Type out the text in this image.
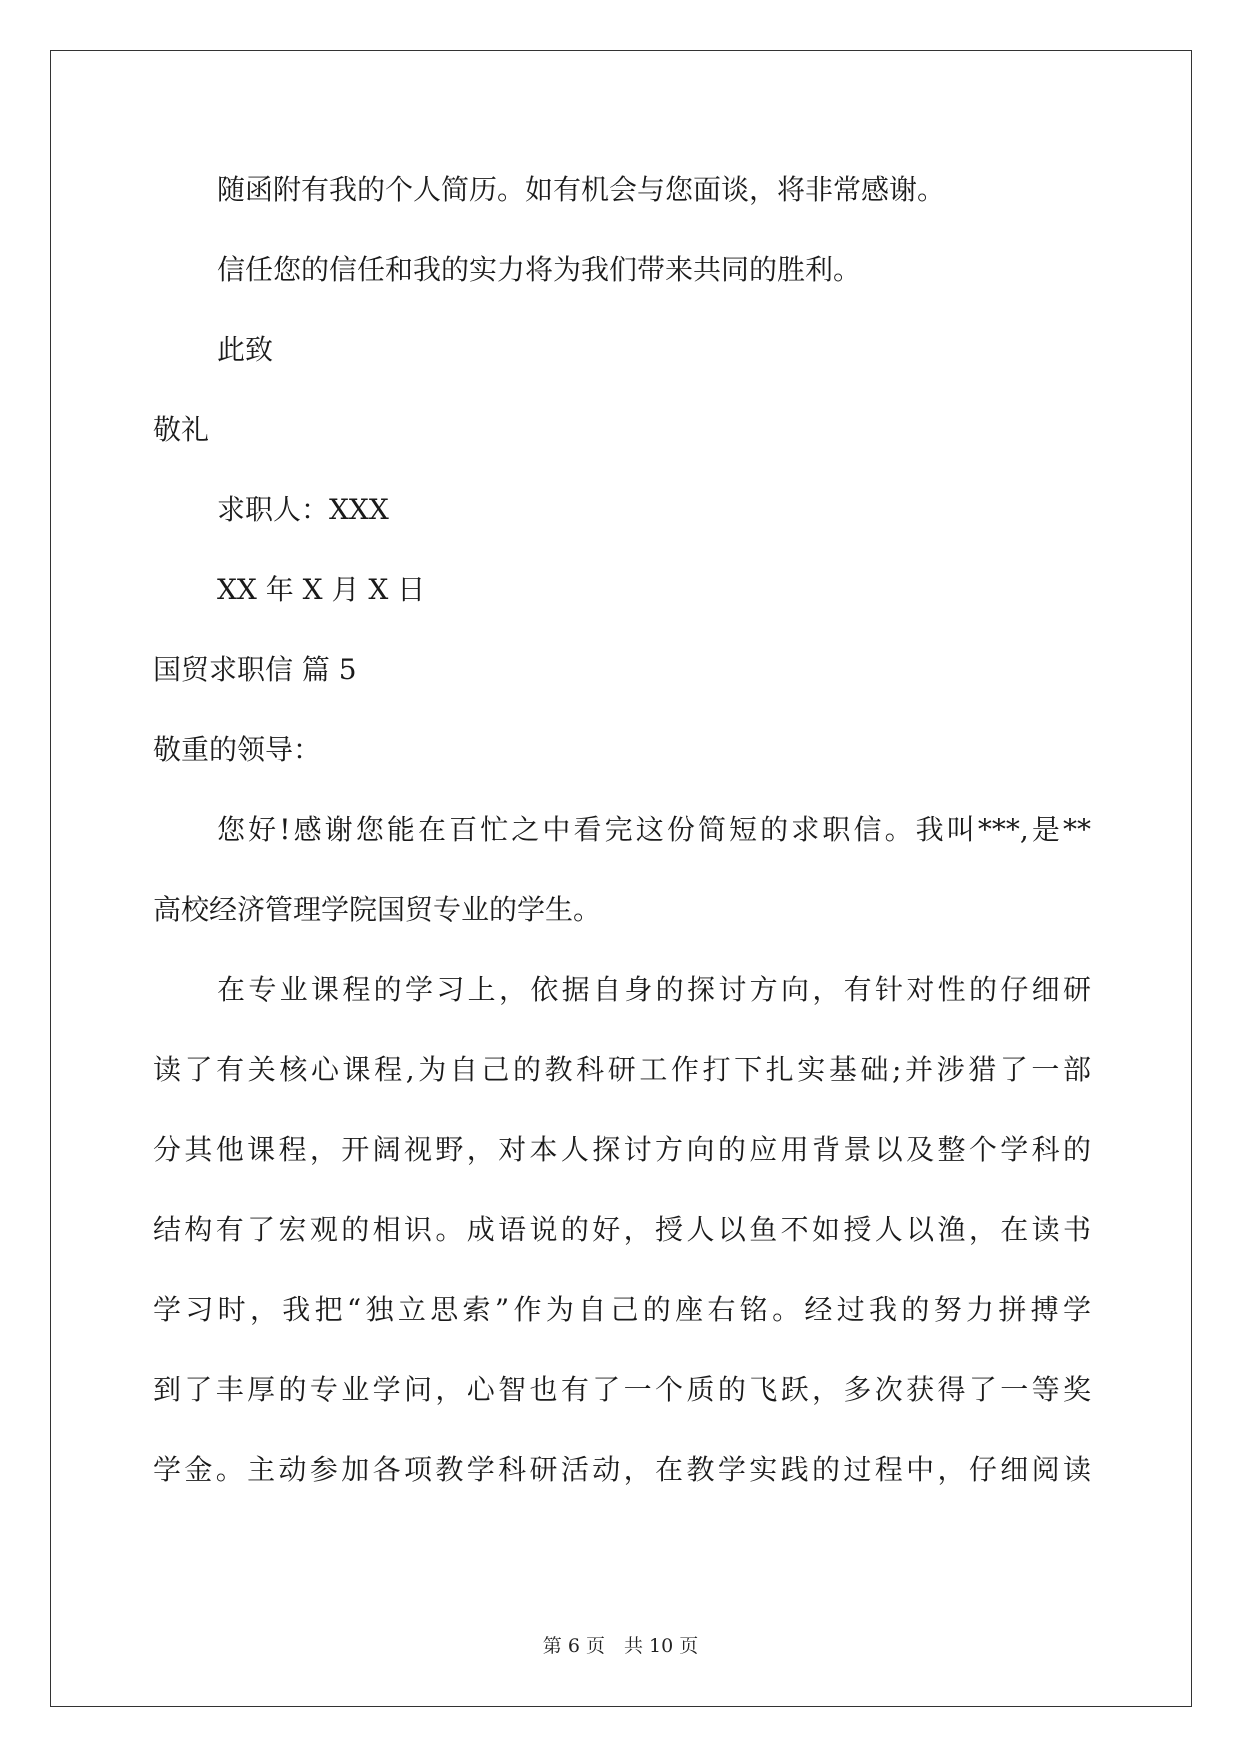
随函附有我的个人简历。如有机会与您面谈，将非常感谢。

信任您的信任和我的实力将为我们带来共同的胜利。

此致

敬礼

求职人：XXX

XX 年 X 月 X 日

国贸求职信 篇 5

敬重的领导：

您好!感谢您能在百忙之中看完这份简短的求职信。我叫***,是**

高校经济管理学院国贸专业的学生。

在专业课程的学习上，依据自身的探讨方向，有针对性的仔细研

读了有关核心课程,为自己的教科研工作打下扎实基础;并涉猎了一部

分其他课程，开阔视野，对本人探讨方向的应用背景以及整个学科的

结构有了宏观的相识。成语说的好，授人以鱼不如授人以渔，在读书

学习时，我把“独立思索”作为自己的座右铭。经过我的努力拼搏学

到了丰厚的专业学问，心智也有了一个质的飞跃，多次获得了一等奖

学金。主动参加各项教学科研活动，在教学实践的过程中，仔细阅读

第 6 页　共 10 页
